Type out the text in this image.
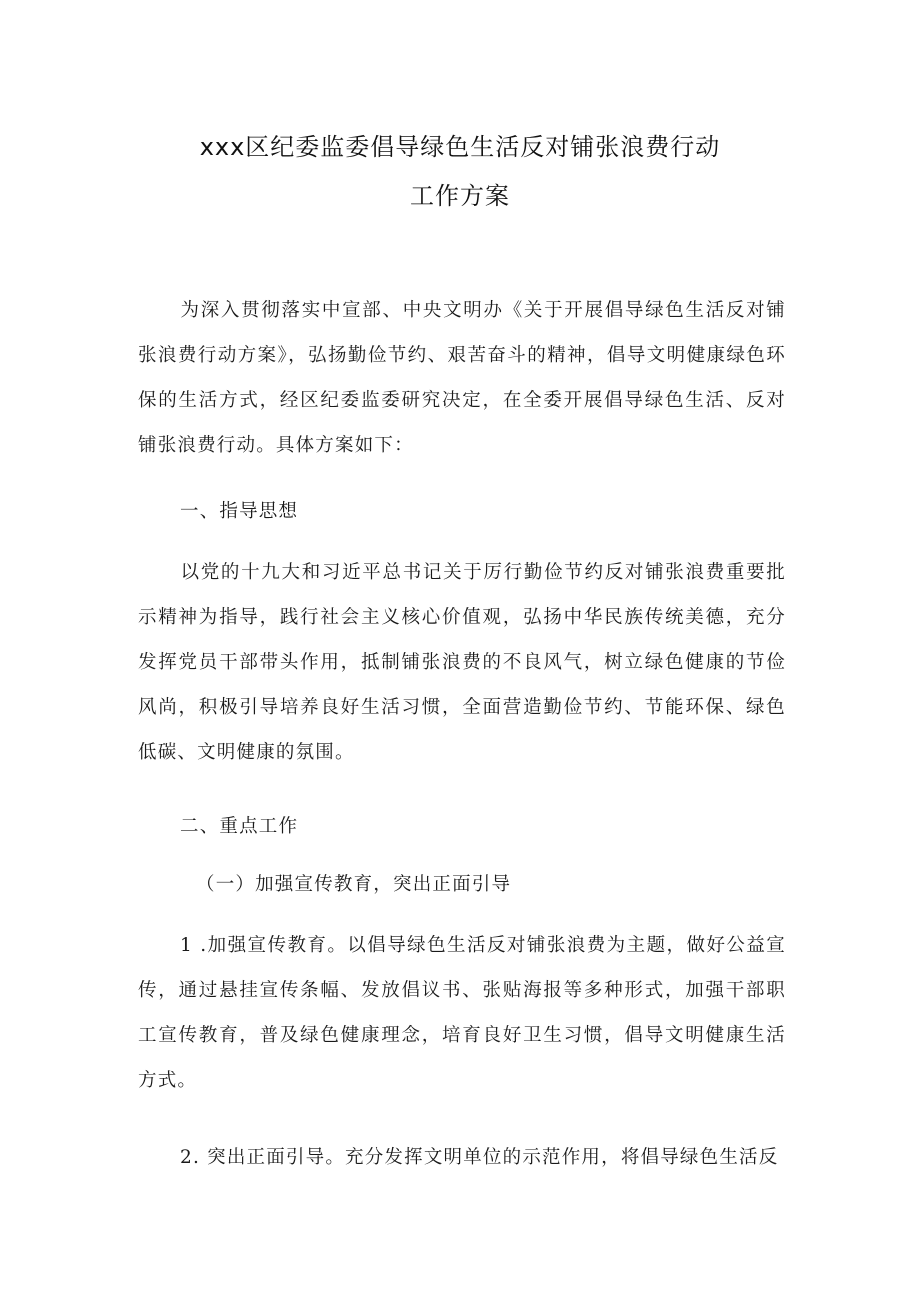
xxx区纪委监委倡导绿色生活反对铺张浪费行动
工作方案
为深入贯彻落实中宣部、中央文明办《关于开展倡导绿色生活反对铺张浪费行动方案》，弘扬勤俭节约、艰苦奋斗的精神，倡导文明健康绿色环保的生活方式，经区纪委监委研究决定，在全委开展倡导绿色生活、反对铺张浪费行动。具体方案如下：
一、指导思想
以党的十九大和习近平总书记关于厉行勤俭节约反对铺张浪费重要批示精神为指导，践行社会主义核心价值观，弘扬中华民族传统美德，充分发挥党员干部带头作用，抵制铺张浪费的不良风气，树立绿色健康的节俭风尚，积极引导培养良好生活习惯，全面营造勤俭节约、节能环保、绿色低碳、文明健康的氛围。
二、重点工作
（一）加强宣传教育，突出正面引导
1 .加强宣传教育。以倡导绿色生活反对铺张浪费为主题，做好公益宣传，通过悬挂宣传条幅、发放倡议书、张贴海报等多种形式，加强干部职工宣传教育，普及绿色健康理念，培育良好卫生习惯，倡导文明健康生活方式。
2. 突出正面引导。充分发挥文明单位的示范作用，将倡导绿色生活反
